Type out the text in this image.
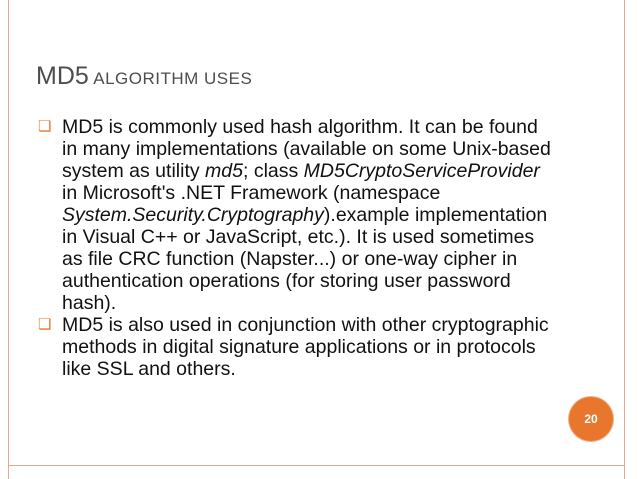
MD5 ALGORITHM USES
❏ MD5 is commonly used hash algorithm. It can be found in many implementations (available on some Unix-based system as utility md5; class MD5CryptoServiceProvider in Microsoft's .NET Framework (namespace System.Security.Cryptography).example implementation in Visual C++ or JavaScript, etc.). It is used sometimes as file CRC function (Napster...) or one-way cipher in authentication operations (for storing user password hash).
❏ MD5 is also used in conjunction with other cryptographic methods in digital signature applications or in protocols like SSL and others.
20
